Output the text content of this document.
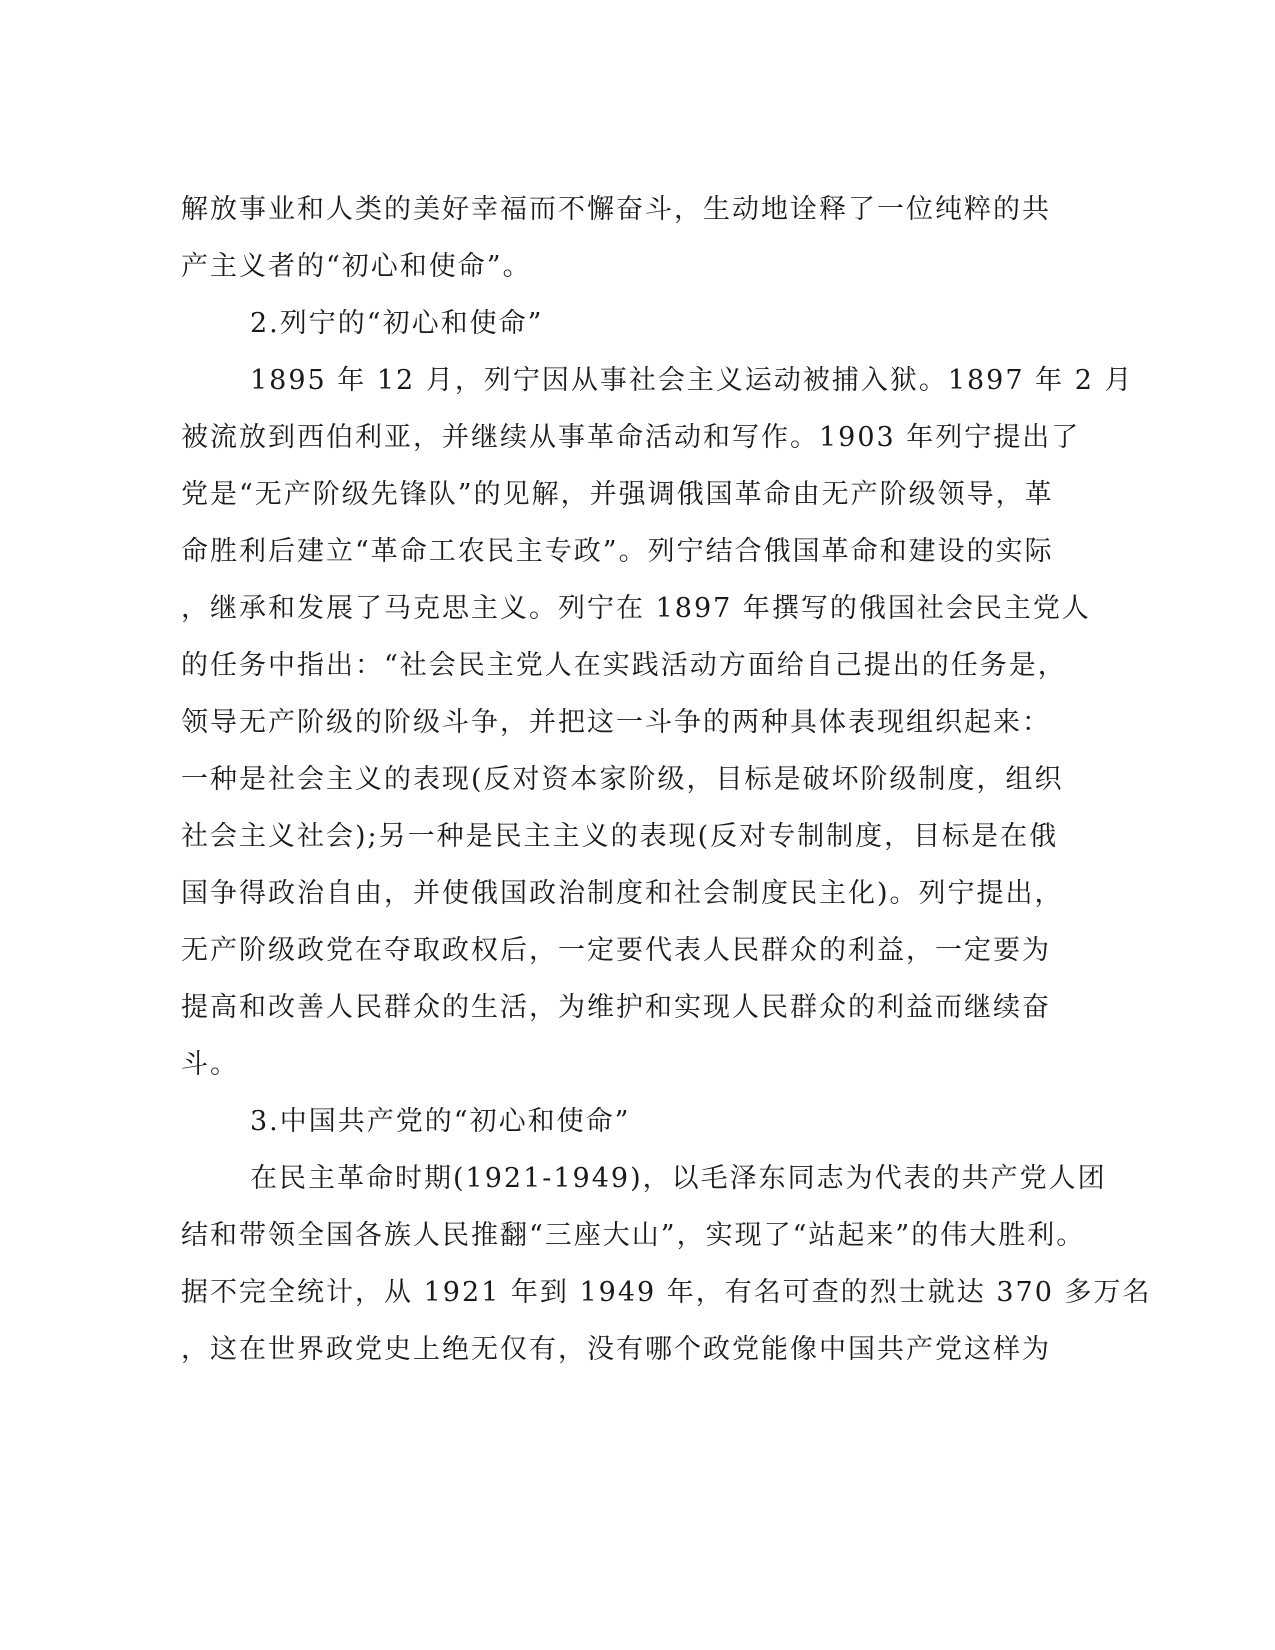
解放事业和人类的美好幸福而不懈奋斗，生动地诠释了一位纯粹的共
产主义者的“初心和使命”。
2.列宁的“初心和使命”
1895 年 12 月，列宁因从事社会主义运动被捕入狱。1897 年 2 月
被流放到西伯利亚，并继续从事革命活动和写作。1903 年列宁提出了
党是“无产阶级先锋队”的见解，并强调俄国革命由无产阶级领导，革
命胜利后建立“革命工农民主专政”。列宁结合俄国革命和建设的实际
，继承和发展了马克思主义。列宁在 1897 年撰写的俄国社会民主党人
的任务中指出：“社会民主党人在实践活动方面给自己提出的任务是，
领导无产阶级的阶级斗争，并把这一斗争的两种具体表现组织起来：
一种是社会主义的表现(反对资本家阶级，目标是破坏阶级制度，组织
社会主义社会);另一种是民主主义的表现(反对专制制度，目标是在俄
国争得政治自由，并使俄国政治制度和社会制度民主化)。列宁提出，
无产阶级政党在夺取政权后，一定要代表人民群众的利益，一定要为
提高和改善人民群众的生活，为维护和实现人民群众的利益而继续奋
斗。
3.中国共产党的“初心和使命”
在民主革命时期(1921-1949)，以毛泽东同志为代表的共产党人团
结和带领全国各族人民推翻“三座大山”，实现了“站起来”的伟大胜利。
据不完全统计，从 1921 年到 1949 年，有名可查的烈士就达 370 多万名
，这在世界政党史上绝无仅有，没有哪个政党能像中国共产党这样为
